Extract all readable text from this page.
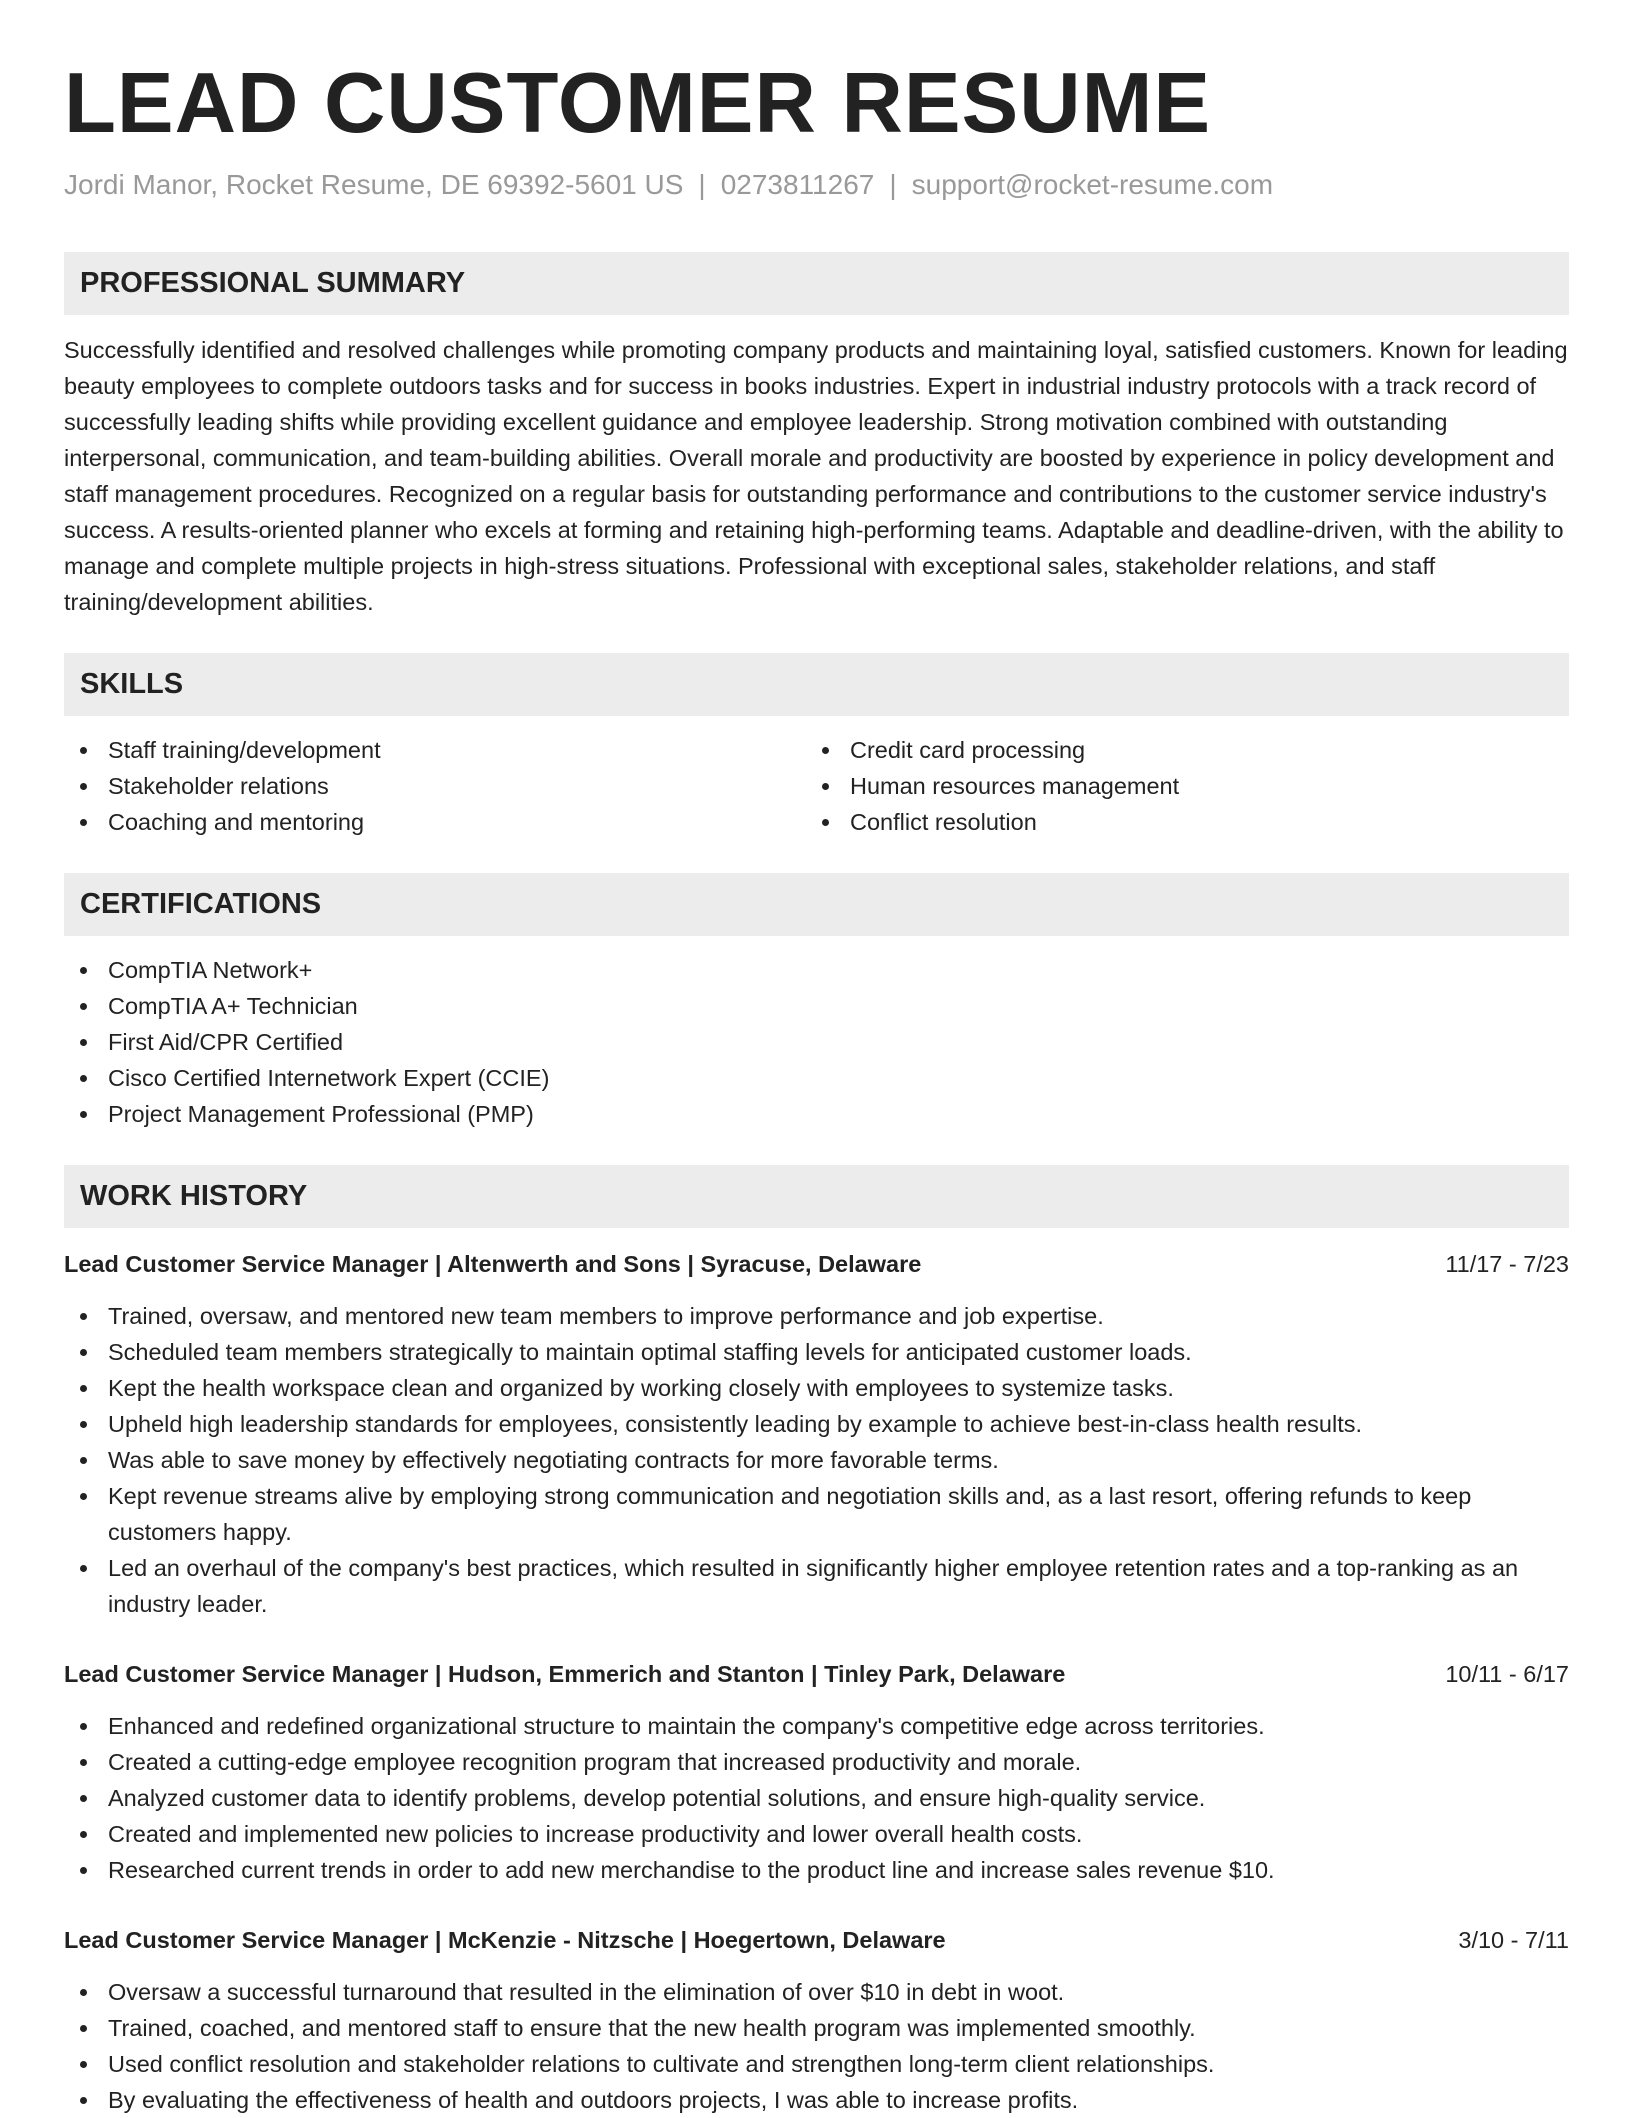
LEAD CUSTOMER RESUME
Jordi Manor, Rocket Resume, DE 69392-5601 US | 0273811267 | support@rocket-resume.com
PROFESSIONAL SUMMARY
Successfully identified and resolved challenges while promoting company products and maintaining loyal, satisfied customers. Known for leading beauty employees to complete outdoors tasks and for success in books industries. Expert in industrial industry protocols with a track record of successfully leading shifts while providing excellent guidance and employee leadership. Strong motivation combined with outstanding interpersonal, communication, and team-building abilities. Overall morale and productivity are boosted by experience in policy development and staff management procedures. Recognized on a regular basis for outstanding performance and contributions to the customer service industry's success. A results-oriented planner who excels at forming and retaining high-performing teams. Adaptable and deadline-driven, with the ability to manage and complete multiple projects in high-stress situations. Professional with exceptional sales, stakeholder relations, and staff training/development abilities.
SKILLS
Staff training/development
Stakeholder relations
Coaching and mentoring
Credit card processing
Human resources management
Conflict resolution
CERTIFICATIONS
CompTIA Network+
CompTIA A+ Technician
First Aid/CPR Certified
Cisco Certified Internetwork Expert (CCIE)
Project Management Professional (PMP)
WORK HISTORY
Lead Customer Service Manager | Altenwerth and Sons | Syracuse, Delaware	11/17 - 7/23
Trained, oversaw, and mentored new team members to improve performance and job expertise.
Scheduled team members strategically to maintain optimal staffing levels for anticipated customer loads.
Kept the health workspace clean and organized by working closely with employees to systemize tasks.
Upheld high leadership standards for employees, consistently leading by example to achieve best-in-class health results.
Was able to save money by effectively negotiating contracts for more favorable terms.
Kept revenue streams alive by employing strong communication and negotiation skills and, as a last resort, offering refunds to keep customers happy.
Led an overhaul of the company's best practices, which resulted in significantly higher employee retention rates and a top-ranking as an industry leader.
Lead Customer Service Manager | Hudson, Emmerich and Stanton | Tinley Park, Delaware	10/11 - 6/17
Enhanced and redefined organizational structure to maintain the company's competitive edge across territories.
Created a cutting-edge employee recognition program that increased productivity and morale.
Analyzed customer data to identify problems, develop potential solutions, and ensure high-quality service.
Created and implemented new policies to increase productivity and lower overall health costs.
Researched current trends in order to add new merchandise to the product line and increase sales revenue $10.
Lead Customer Service Manager | McKenzie - Nitzsche | Hoegertown, Delaware	3/10 - 7/11
Oversaw a successful turnaround that resulted in the elimination of over $10 in debt in woot.
Trained, coached, and mentored staff to ensure that the new health program was implemented smoothly.
Used conflict resolution and stakeholder relations to cultivate and strengthen long-term client relationships.
By evaluating the effectiveness of health and outdoors projects, I was able to increase profits.
